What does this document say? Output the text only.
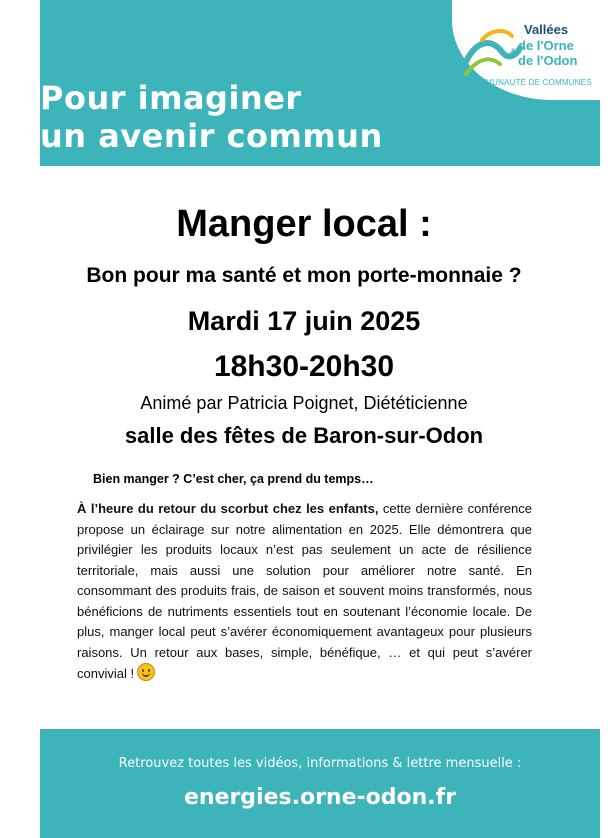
Pour imaginer
un avenir commun
Vallées
de l'Orne
&
de l'Odon
COMMUNAUTÉ DE COMMUNES
Manger local :
Bon pour ma santé et mon porte-monnaie ?
Mardi 17 juin 2025
18h30-20h30
Animé par Patricia Poignet, Diététicienne
salle des fêtes de Baron-sur-Odon
Bien manger ? C’est cher, ça prend du temps…
À l’heure du retour du scorbut chez les enfants, cette dernière conférence propose un éclairage sur notre alimentation en 2025. Elle démontrera que privilégier les produits locaux n’est pas seulement un acte de résilience territoriale, mais aussi une solution pour améliorer notre santé. En consommant des produits frais, de saison et souvent moins transformés, nous bénéficions de nutriments essentiels tout en soutenant l’économie locale. De plus, manger local peut s’avérer économiquement avantageux pour plusieurs raisons. Un retour aux bases, simple, bénéfique, … et qui peut s’avérer convivial !
Retrouvez toutes les vidéos, informations & lettre mensuelle :
energies.orne-odon.fr
